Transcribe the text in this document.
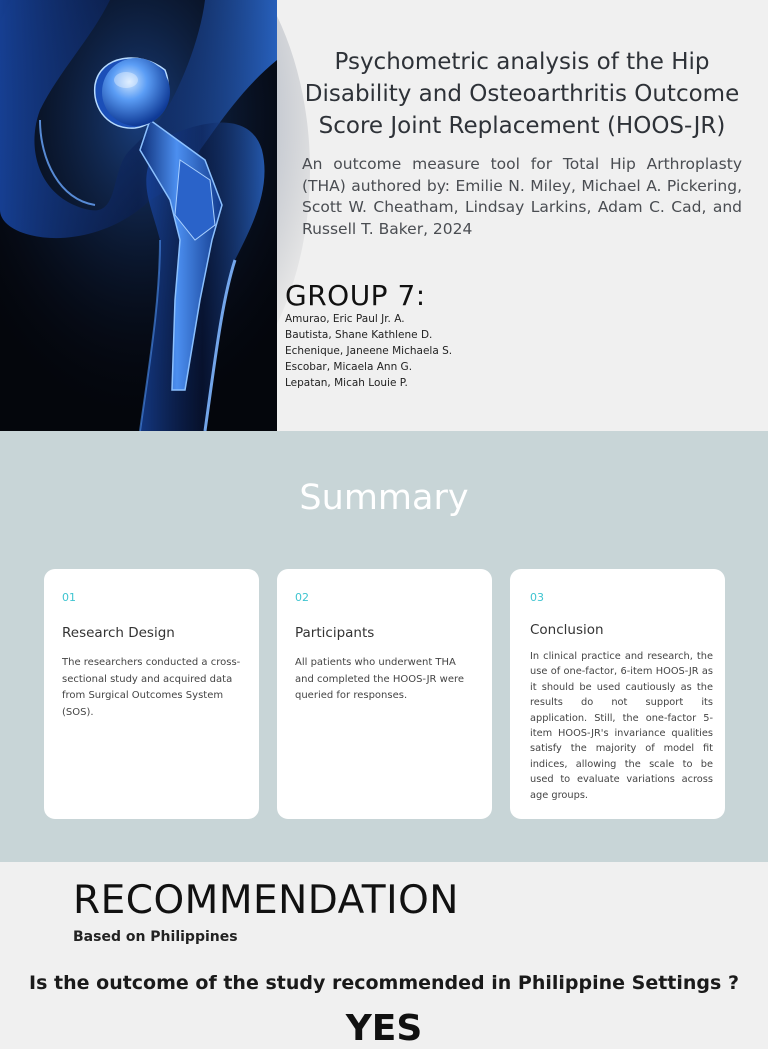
Psychometric analysis of the Hip Disability and Osteoarthritis Outcome Score Joint Replacement (HOOS-JR)
An outcome measure tool for Total Hip Arthroplasty (THA) authored by: Emilie N. Miley, Michael A. Pickering, Scott W. Cheatham, Lindsay Larkins, Adam C. Cad, and Russell T. Baker, 2024
GROUP 7:
Amurao, Eric Paul Jr. A.
Bautista, Shane Kathlene D.
Echenique, Janeene Michaela S.
Escobar, Micaela Ann G.
Lepatan, Micah Louie P.
Summary
01
Research Design
The researchers conducted a cross-sectional study and acquired data from Surgical Outcomes System (SOS).
02
Participants
All patients who underwent THA and completed the HOOS-JR were queried for responses.
03
Conclusion
In clinical practice and research, the use of one-factor, 6-item HOOS-JR as it should be used cautiously as the results do not support its application. Still, the one-factor 5-item HOOS-JR's invariance qualities satisfy the majority of model fit indices, allowing the scale to be used to evaluate variations across age groups.
RECOMMENDATION
Based on Philippines
Is the outcome of the study recommended in Philippine Settings ?
YES
